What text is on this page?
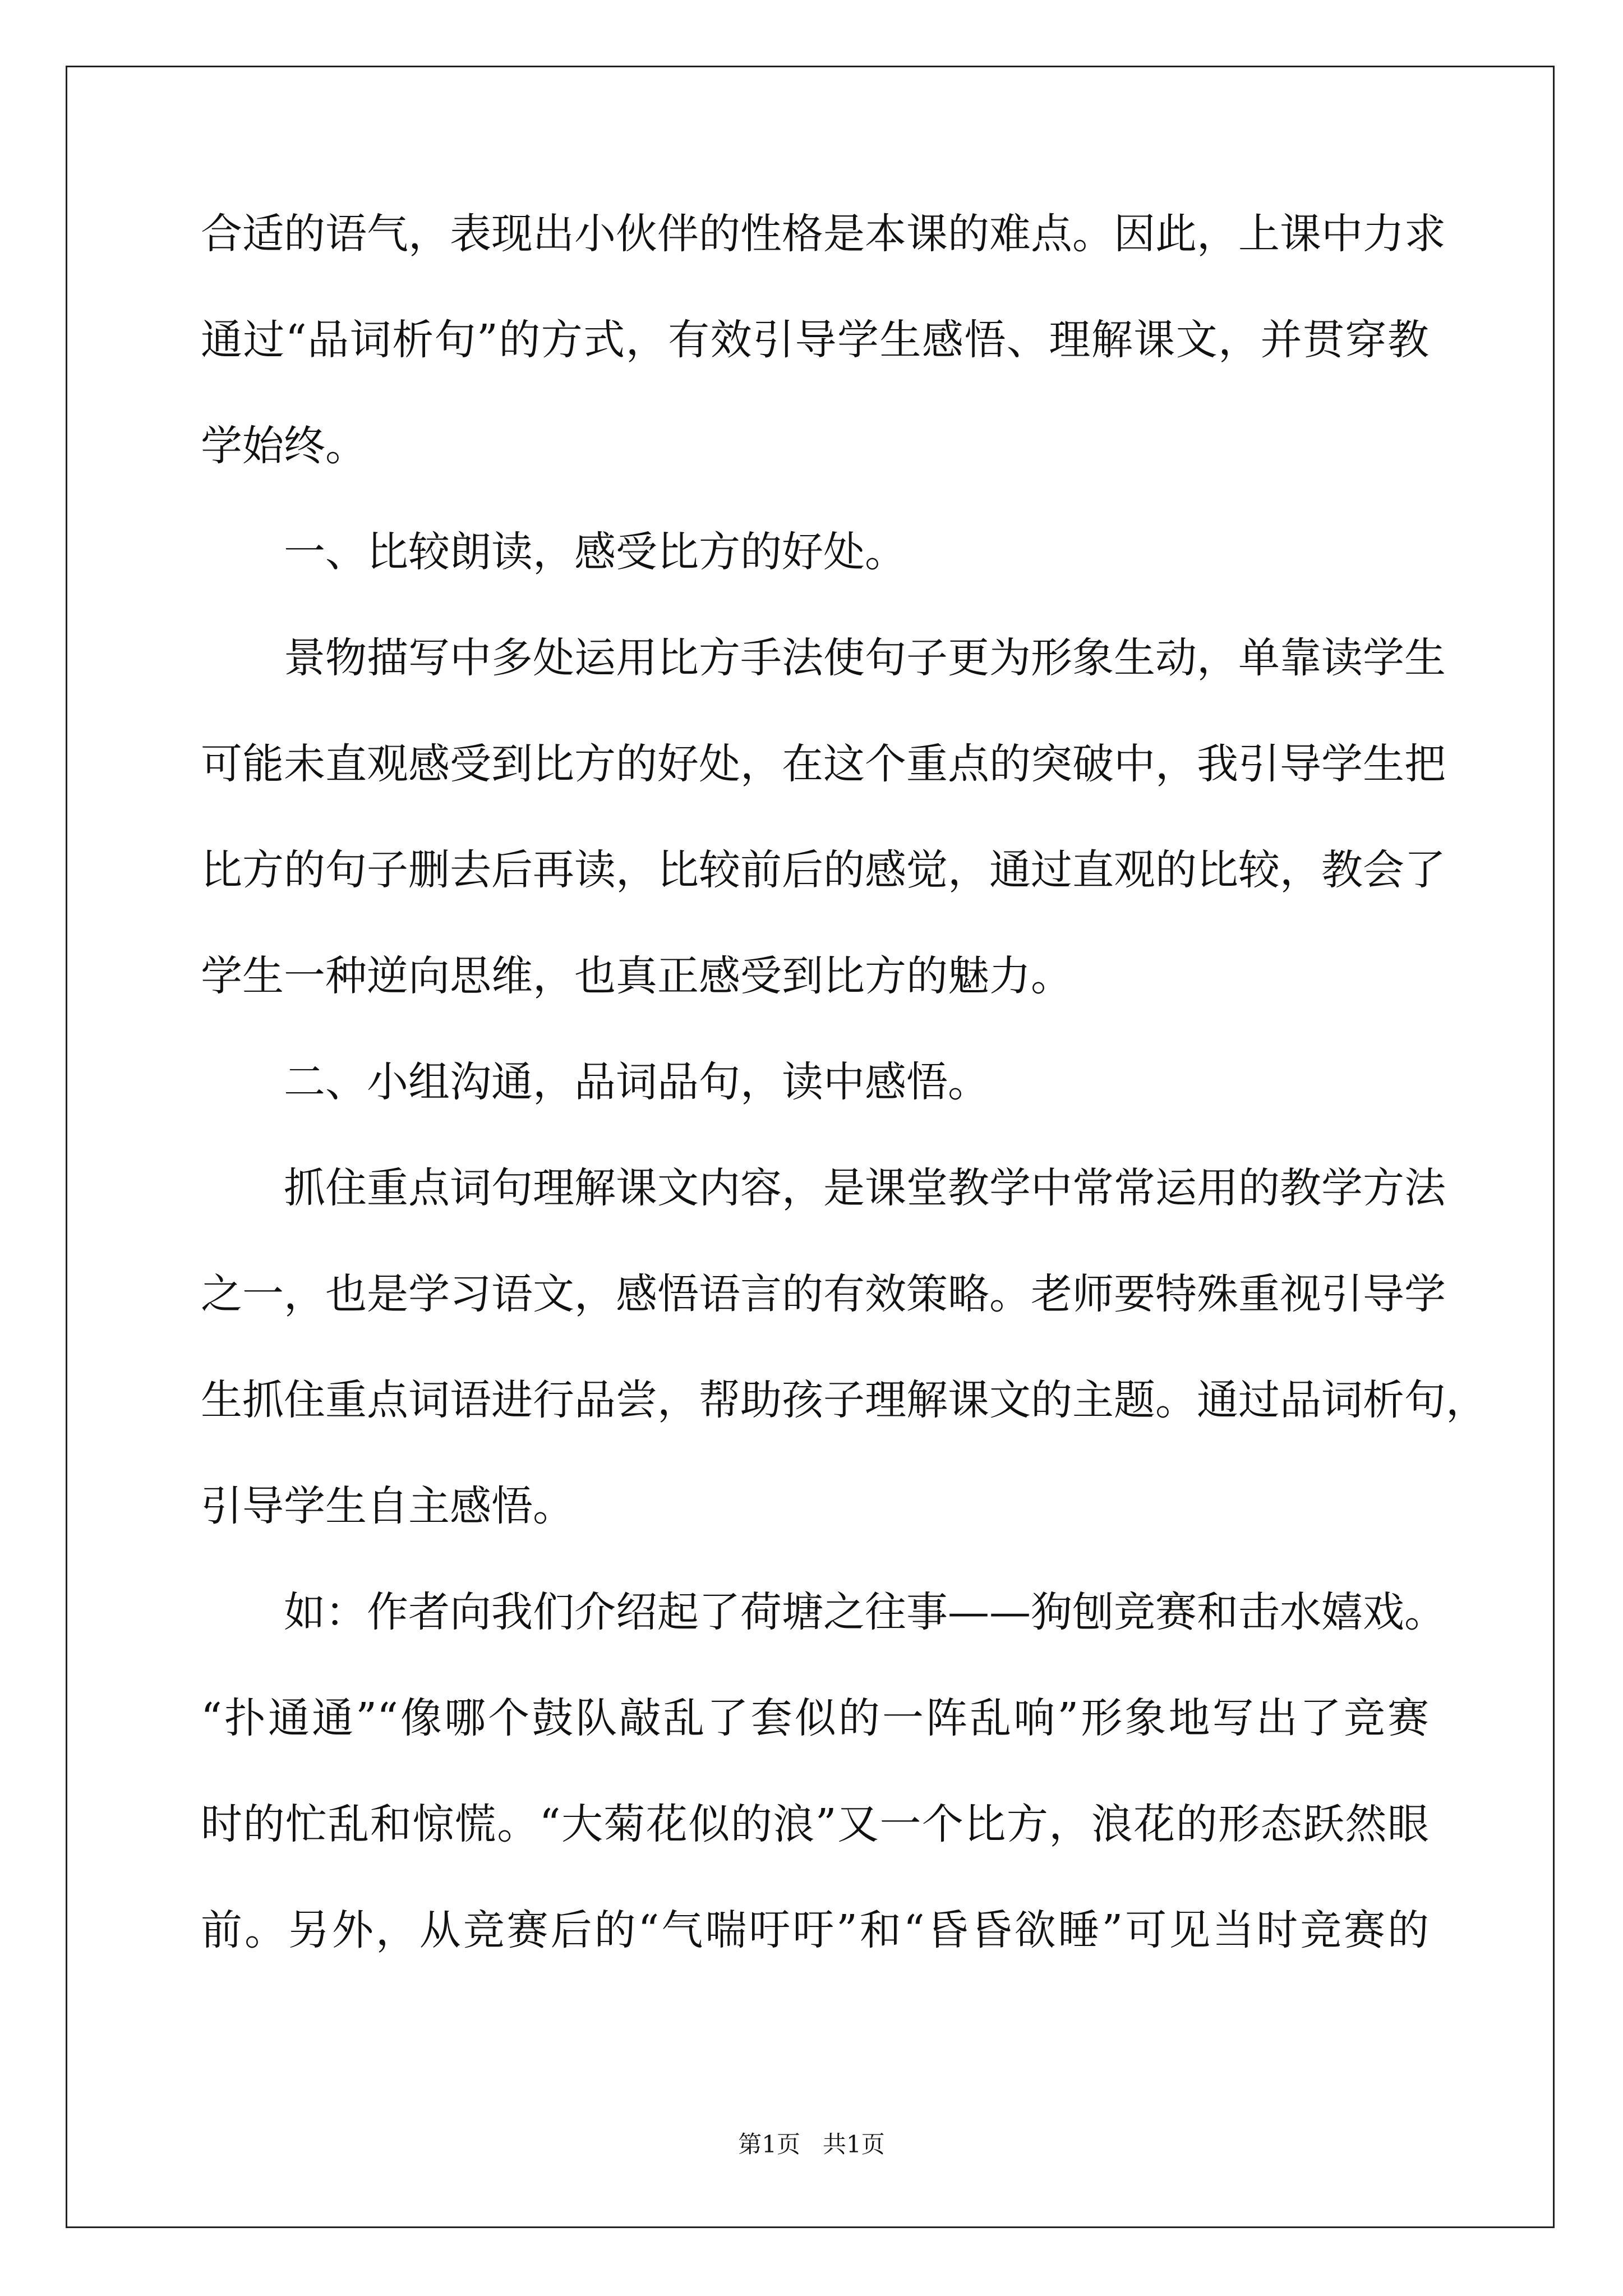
合适的语气，表现出小伙伴的性格是本课的难点。因此，上课中力求
通过“品词析句”的方式，有效引导学生感悟、理解课文，并贯穿教
学始终。
一、比较朗读，感受比方的好处。
景物描写中多处运用比方手法使句子更为形象生动，单靠读学生
可能未直观感受到比方的好处，在这个重点的突破中，我引导学生把
比方的句子删去后再读，比较前后的感觉，通过直观的比较，教会了
学生一种逆向思维，也真正感受到比方的魅力。
二、小组沟通，品词品句，读中感悟。
抓住重点词句理解课文内容，是课堂教学中常常运用的教学方法
之一，也是学习语文，感悟语言的有效策略。老师要特殊重视引导学
生抓住重点词语进行品尝，帮助孩子理解课文的主题。通过品词析句，
引导学生自主感悟。
如：作者向我们介绍起了荷塘之往事——狗刨竞赛和击水嬉戏。
“扑通通”“像哪个鼓队敲乱了套似的一阵乱响”形象地写出了竞赛
时的忙乱和惊慌。“大菊花似的浪”又一个比方，浪花的形态跃然眼
前。另外，从竞赛后的“气喘吁吁”和“昏昏欲睡”可见当时竞赛的
第1页 共1页
